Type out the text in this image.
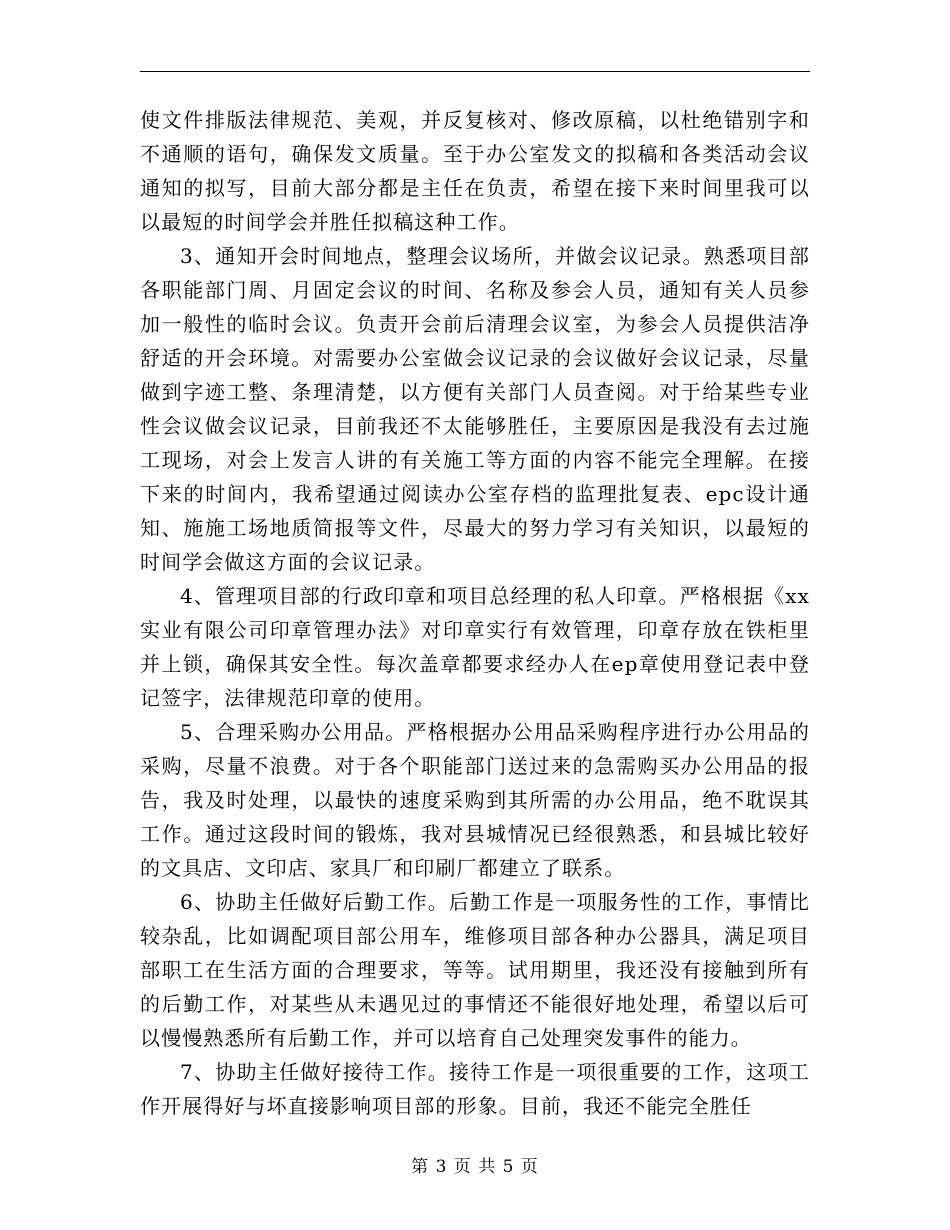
使文件排版法律规范、美观，并反复核对、修改原稿，以杜绝错别字和不通顺的语句，确保发文质量。至于办公室发文的拟稿和各类活动会议通知的拟写，目前大部分都是主任在负责，希望在接下来时间里我可以以最短的时间学会并胜任拟稿这种工作。

3、通知开会时间地点，整理会议场所，并做会议记录。熟悉项目部各职能部门周、月固定会议的时间、名称及参会人员，通知有关人员参加一般性的临时会议。负责开会前后清理会议室，为参会人员提供洁净舒适的开会环境。对需要办公室做会议记录的会议做好会议记录，尽量做到字迹工整、条理清楚，以方便有关部门人员查阅。对于给某些专业性会议做会议记录，目前我还不太能够胜任，主要原因是我没有去过施工现场，对会上发言人讲的有关施工等方面的内容不能完全理解。在接下来的时间内，我希望通过阅读办公室存档的监理批复表、epc设计通知、施施工场地质简报等文件，尽最大的努力学习有关知识，以最短的时间学会做这方面的会议记录。

4、管理项目部的行政印章和项目总经理的私人印章。严格根据《xx实业有限公司印章管理办法》对印章实行有效管理，印章存放在铁柜里并上锁，确保其安全性。每次盖章都要求经办人在ep章使用登记表中登记签字，法律规范印章的使用。

5、合理采购办公用品。严格根据办公用品采购程序进行办公用品的采购，尽量不浪费。对于各个职能部门送过来的急需购买办公用品的报告，我及时处理，以最快的速度采购到其所需的办公用品，绝不耽误其工作。通过这段时间的锻炼，我对县城情况已经很熟悉，和县城比较好的文具店、文印店、家具厂和印刷厂都建立了联系。

6、协助主任做好后勤工作。后勤工作是一项服务性的工作，事情比较杂乱，比如调配项目部公用车，维修项目部各种办公器具，满足项目部职工在生活方面的合理要求，等等。试用期里，我还没有接触到所有的后勤工作，对某些从未遇见过的事情还不能很好地处理，希望以后可以慢慢熟悉所有后勤工作，并可以培育自己处理突发事件的能力。

7、协助主任做好接待工作。接待工作是一项很重要的工作，这项工作开展得好与坏直接影响项目部的形象。目前，我还不能完全胜任

第 3 页 共 5 页
